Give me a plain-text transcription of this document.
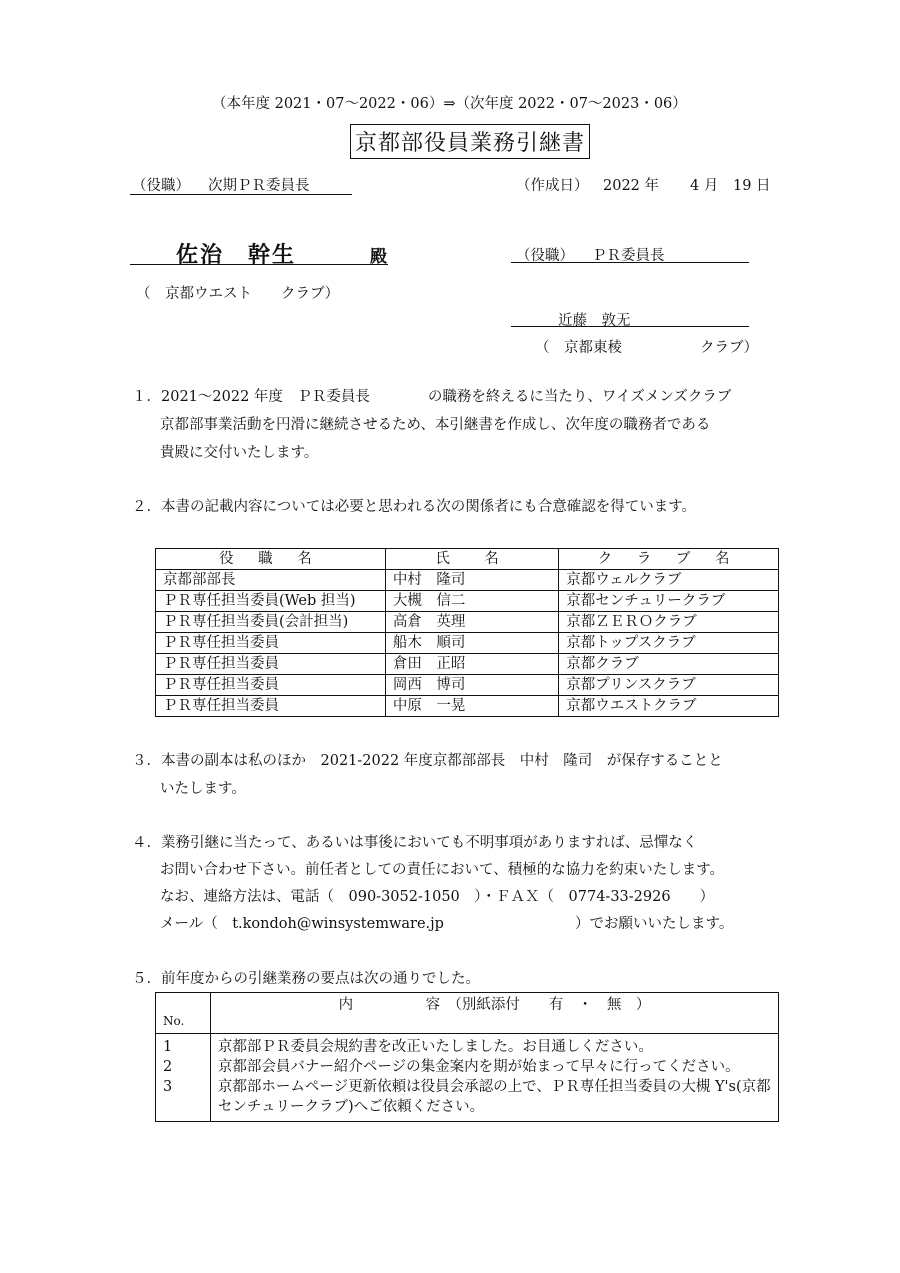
（本年度 2021・07～2022・06）⇒（次年度 2022・07～2023・06）
京都部役員業務引継書
（役職） 次期ＰＲ委員長	（作成日） 2022 年 4 月 19 日
佐治　幹生	殿
（　京都ウエスト　　クラブ）
（役職） ＰＲ委員長
近藤　敦无
（　京都東稜	クラブ）
１．2021～2022 年度　ＰＲ委員長　　　　の職務を終えるに当たり、ワイズメンズクラブ
京都部事業活動を円滑に継続させるため、本引継書を作成し、次年度の職務者である
貴殿に交付いたします。
２．本書の記載内容については必要と思われる次の関係者にも合意確認を得ています。
役 職 名	氏　名	ク ラ ブ 名
京都部部長	中村　隆司	京都ウェルクラブ
ＰＲ専任担当委員(Web 担当)	大槻　信二	京都センチュリークラブ
ＰＲ専任担当委員(会計担当)	高倉　英理	京都ＺＥＲＯクラブ
ＰＲ専任担当委員	船木　順司	京都トップスクラブ
ＰＲ専任担当委員	倉田　正昭	京都クラブ
ＰＲ専任担当委員	岡西　博司	京都プリンスクラブ
ＰＲ専任担当委員	中原　一晃	京都ウエストクラブ
３．本書の副本は私のほか　2021-2022 年度京都部部長　中村　隆司　が保存することと
いたします。
４．業務引継に当たって、あるいは事後においても不明事項がありますれば、忌憚なく
お問い合わせ下さい。前任者としての責任において、積極的な協力を約束いたします。
なお、連絡方法は、電話（　090-3052-1050　）・ＦＡＸ（　0774-33-2926　　）
メール（　t.kondoh@winsystemware.jp	）でお願いいたします。
５．前年度からの引継業務の要点は次の通りでした。
No.	内　　　　　容　（別紙添付　　有　・　無　）
1	京都部ＰＲ委員会規約書を改正いたしました。お目通しください。
2	京都部会員バナー紹介ページの集金案内を期が始まって早々に行ってください。
3	京都部ホームページ更新依頼は役員会承認の上で、ＰＲ専任担当委員の大槻 Y's(京都センチュリークラブ)へご依頼ください。
